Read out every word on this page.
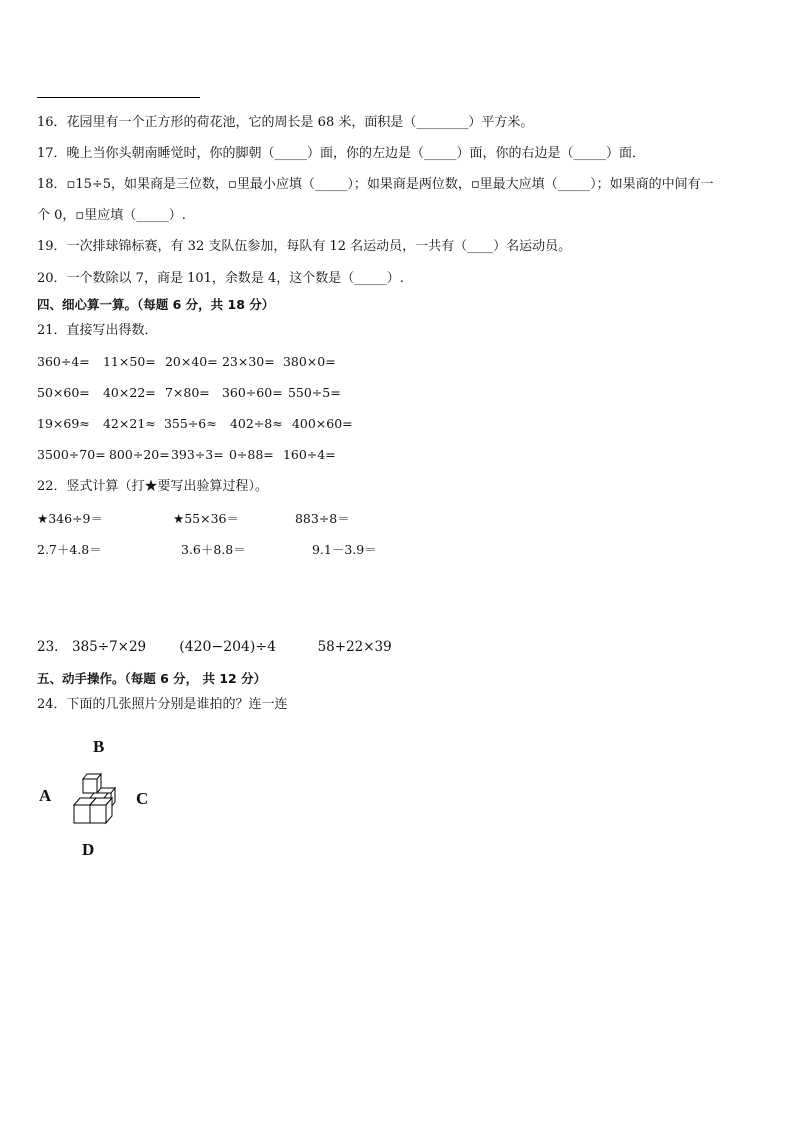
16．花园里有一个正方形的荷花池，它的周长是 68 米，面积是（________）平方米。
17．晚上当你头朝南睡觉时，你的脚朝（_____）面，你的左边是（_____）面，你的右边是（_____）面．
18．▫15÷5，如果商是三位数，▫里最小应填（_____）；如果商是两位数，▫里最大应填（_____）；如果商的中间有一
个 0，▫里应填（_____）.
19．一次排球锦标赛，有 32 支队伍参加，每队有 12 名运动员，一共有（____）名运动员。
20．一个数除以 7，商是 101，余数是 4，这个数是（_____）.
四、细心算一算。（每题 6 分，共 18 分）
21．直接写出得数．
360÷4= 11×50= 20×40= 23×30= 380×0=
50×60= 40×22= 7×80= 360÷60= 550÷5=
19×69≈ 42×21≈ 355÷6≈ 402÷8≈ 400×60=
3500÷70= 800÷20= 393÷3= 0÷88= 160÷4=
22．竖式计算（打★要写出验算过程）。
★346÷9＝	★55×36＝	883÷8＝
2.7＋4.8＝	3.6＋8.8＝	9.1－3.9＝
23． 385÷7×29 (420−204)÷4	58+22×39
五、动手操作。（每题 6 分， 共 12 分）
24．下面的几张照片分别是谁拍的？连一连
B
A	C
D
